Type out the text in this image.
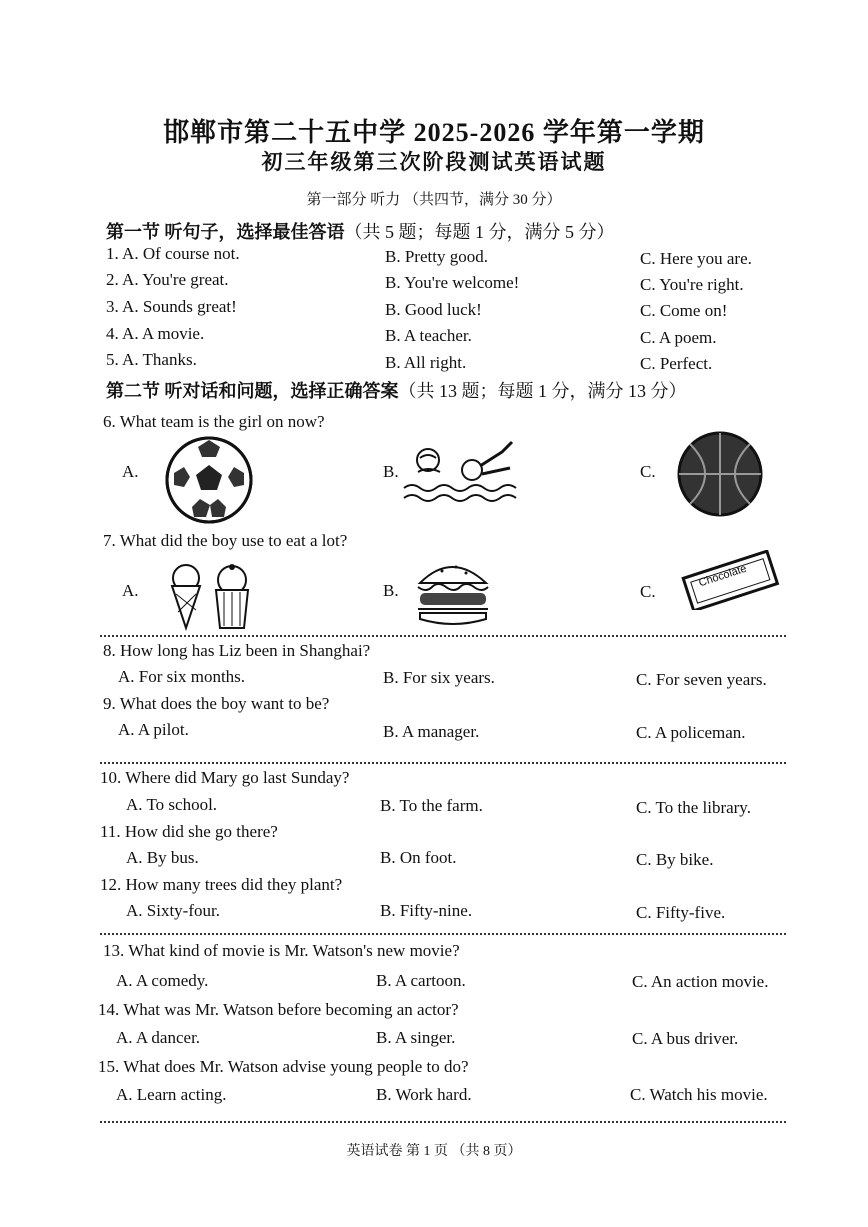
邯郸市第二十五中学 2025-2026 学年第一学期
初三年级第三次阶段测试英语试题
第一部分 听力 （共四节，满分 30 分）
第一节 听句子，选择最佳答语（共 5 题；每题 1 分，满分 5 分）
1. A. Of course not.	B. Pretty good.	C. Here you are.
2. A. You're great.	B. You're welcome!	C. You're right.
3. A. Sounds great!	B. Good luck!	C. Come on!
4. A. A movie.	B. A teacher.	C. A poem.
5. A. Thanks.	B. All right.	C. Perfect.
第二节 听对话和问题，选择正确答案（共 13 题；每题 1 分，满分 13 分）
6. What team is the girl on now?
A.	B.	C.
7. What did the boy use to eat a lot?
A.	B.	C.
Chocolate
8. How long has Liz been in Shanghai?
A. For six months.	B. For six years.	C. For seven years.
9. What does the boy want to be?
A. A pilot.	B. A manager.	C. A policeman.
10. Where did Mary go last Sunday?
A. To school.	B. To the farm.	C. To the library.
11. How did she go there?
A. By bus.	B. On foot.	C. By bike.
12. How many trees did they plant?
A. Sixty-four.	B. Fifty-nine.	C. Fifty-five.
13. What kind of movie is Mr. Watson's new movie?
A. A comedy.	B. A cartoon.	C. An action movie.
14. What was Mr. Watson before becoming an actor?
A. A dancer.	B. A singer.	C. A bus driver.
15. What does Mr. Watson advise young people to do?
A. Learn acting.	B. Work hard.	C. Watch his movie.
英语试卷 第 1 页 （共 8 页）
